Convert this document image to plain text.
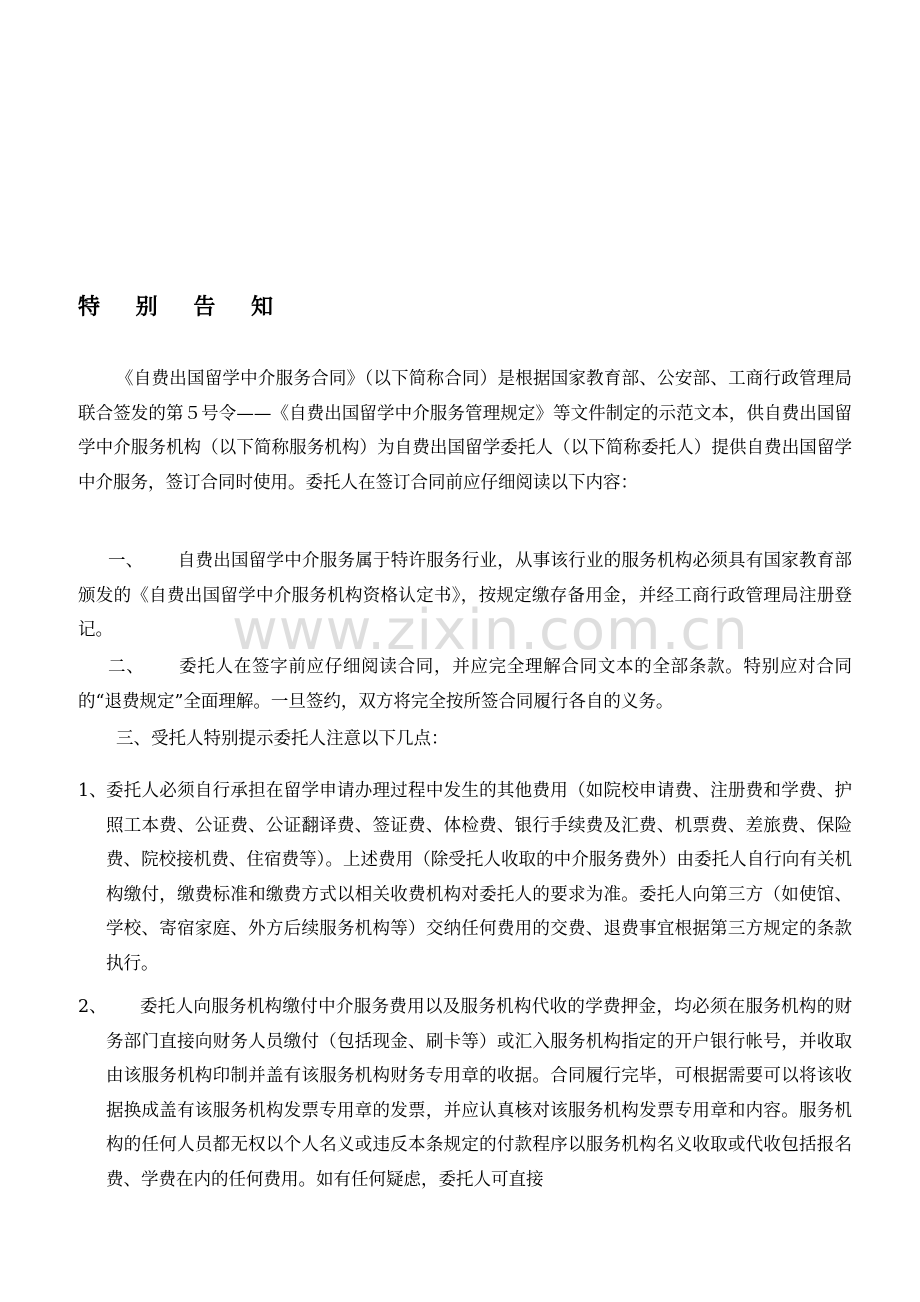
特 别 告 知
《自费出国留学中介服务合同》（以下简称合同）是根据国家教育部、公安部、工商行政管理局联合签发的第５号令——《自费出国留学中介服务管理规定》等文件制定的示范文本，供自费出国留学中介服务机构（以下简称服务机构）为自费出国留学委托人（以下简称委托人）提供自费出国留学中介服务，签订合同时使用。委托人在签订合同前应仔细阅读以下内容：
一、 自费出国留学中介服务属于特许服务行业，从事该行业的服务机构必须具有国家教育部颁发的《自费出国留学中介服务机构资格认定书》，按规定缴存备用金，并经工商行政管理局注册登记。
二、 委托人在签字前应仔细阅读合同，并应完全理解合同文本的全部条款。特别应对合同的“退费规定”全面理解。一旦签约，双方将完全按所签合同履行各自的义务。
三、受托人特别提示委托人注意以下几点：
1、 委托人必须自行承担在留学申请办理过程中发生的其他费用（如院校申请费、注册费和学费、护照工本费、公证费、公证翻译费、签证费、体检费、银行手续费及汇费、机票费、差旅费、保险费、院校接机费、住宿费等）。上述费用（除受托人收取的中介服务费外）由委托人自行向有关机构缴付，缴费标准和缴费方式以相关收费机构对委托人的要求为准。委托人向第三方（如使馆、学校、寄宿家庭、外方后续服务机构等）交纳任何费用的交费、退费事宜根据第三方规定的条款执行。
2、	委托人向服务机构缴付中介服务费用以及服务机构代收的学费押金，均必须在服务机构的财务部门直接向财务人员缴付（包括现金、刷卡等）或汇入服务机构指定的开户银行帐号，并收取由该服务机构印制并盖有该服务机构财务专用章的收据。合同履行完毕，可根据需要可以将该收据换成盖有该服务机构发票专用章的发票，并应认真核对该服务机构发票专用章和内容。服务机构的任何人员都无权以个人名义或违反本条规定的付款程序以服务机构名义收取或代收包括报名费、学费在内的任何费用。如有任何疑虑，委托人可直接
www.zixin.com.cn
